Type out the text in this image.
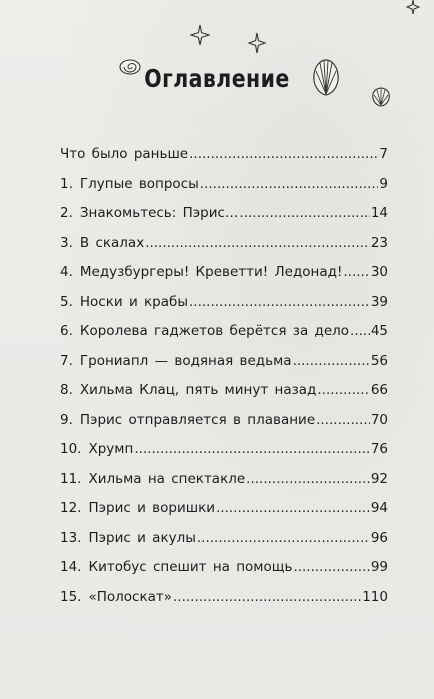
Оглавление
Что было раньше .....	7
1. Глупые вопросы .....	9
2. Знакомьтесь: Пэрис… .....	14
3. В скалах .....	23
4. Медузбургеры! Креветти! Ледонад! ..... 30
5. Носки и крабы .....	39
6. Королева гаджетов берётся за дело ..... 45
7. Грониапл — водяная ведьма .....	56
8. Хильма Клац, пять минут назад .....	66
9. Пэрис отправляется в плавание .....	70
10. Хрумп .....	76
11. Хильма на спектакле .....	92
12. Пэрис и воришки .....	94
13. Пэрис и акулы .....	96
14. Китобус спешит на помощь .....	99
15. «Полоскат» .....	110
